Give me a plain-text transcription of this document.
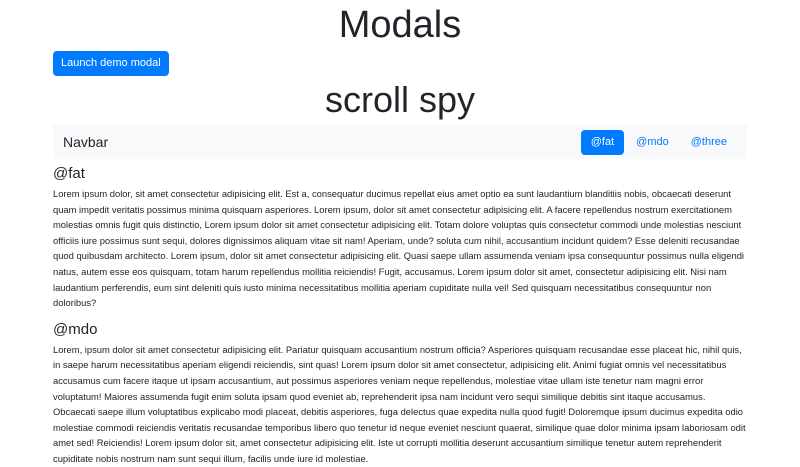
Modals
Launch demo modal
scroll spy
Navbar	@fat	@mdo	@three
@fat

Lorem ipsum dolor, sit amet consectetur adipisicing elit. Est a, consequatur ducimus repellat eius amet optio ea sunt laudantium blanditiis nobis, obcaecati deserunt quam impedit veritatis possimus minima quisquam asperiores. Lorem ipsum, dolor sit amet consectetur adipisicing elit. A facere repellendus nostrum exercitationem molestias omnis fugit quis distinctio, Lorem ipsum dolor sit amet consectetur adipisicing elit. Totam dolore voluptas quis consectetur commodi unde molestias nesciunt officiis iure possimus sunt sequi, dolores dignissimos aliquam vitae sit nam! Aperiam, unde? soluta cum nihil, accusantium incidunt quidem? Esse deleniti recusandae quod quibusdam architecto. Lorem ipsum, dolor sit amet consectetur adipisicing elit. Quasi saepe ullam assumenda veniam ipsa consequuntur possimus nulla eligendi natus, autem esse eos quisquam, totam harum repellendus mollitia reiciendis! Fugit, accusamus. Lorem ipsum dolor sit amet, consectetur adipisicing elit. Nisi nam laudantium perferendis, eum sint deleniti quis iusto minima necessitatibus mollitia aperiam cupiditate nulla vel! Sed quisquam necessitatibus consequuntur non doloribus?

@mdo

Lorem, ipsum dolor sit amet consectetur adipisicing elit. Pariatur quisquam accusantium nostrum officia? Asperiores quisquam recusandae esse placeat hic, nihil quis, in saepe harum necessitatibus aperiam eligendi reiciendis, sint quas! Lorem ipsum dolor sit amet consectetur, adipisicing elit. Animi fugiat omnis vel necessitatibus accusamus cum facere itaque ut ipsam accusantium, aut possimus asperiores veniam neque repellendus, molestiae vitae ullam iste tenetur nam magni error voluptatum! Maiores assumenda fugit enim soluta ipsam quod eveniet ab, reprehenderit ipsa nam incidunt vero sequi similique debitis sint itaque accusamus. Obcaecati saepe illum voluptatibus explicabo modi placeat, debitis asperiores, fuga delectus quae expedita nulla quod fugit! Doloremque ipsum ducimus expedita odio molestiae commodi reiciendis veritatis recusandae temporibus libero quo tenetur id neque eveniet nesciunt quaerat, similique quae dolor minima ipsam laboriosam odit amet sed! Reiciendis! Lorem ipsum dolor sit, amet consectetur adipisicing elit. Iste ut corrupti mollitia deserunt accusantium similique tenetur autem reprehenderit cupiditate nobis nostrum nam sunt sequi illum, facilis unde iure id molestiae.
